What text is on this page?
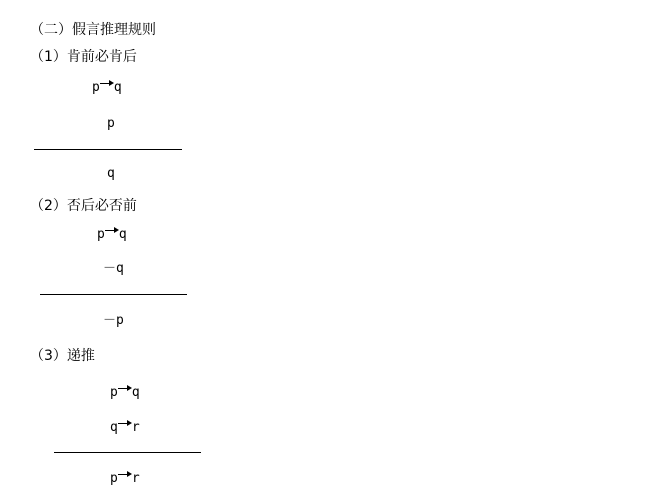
（二）假言推理规则
（1）肯前必肯后
p q
p
q
（2）否后必否前
p q
－q
－p
（3）递推
p q
q r
p r
